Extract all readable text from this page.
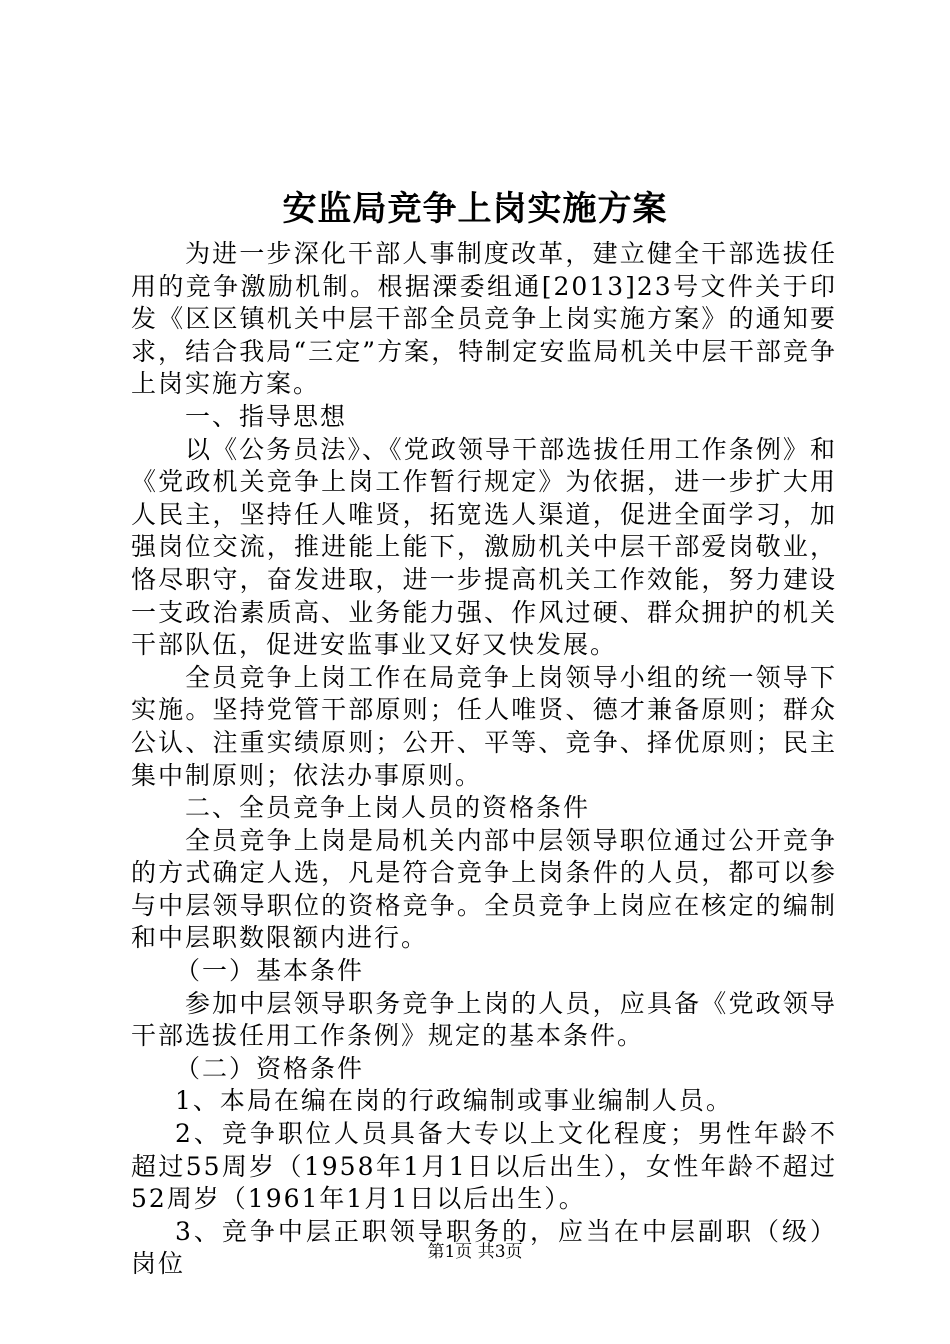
安监局竞争上岗实施方案

为进一步深化干部人事制度改革，建立健全干部选拔任用的竞争激励机制。根据溧委组通[2013]23号文件关于印发《区区镇机关中层干部全员竞争上岗实施方案》的通知要求，结合我局“三定”方案，特制定安监局机关中层干部竞争上岗实施方案。

一、指导思想

以《公务员法》、《党政领导干部选拔任用工作条例》和《党政机关竞争上岗工作暂行规定》为依据，进一步扩大用人民主，坚持任人唯贤，拓宽选人渠道，促进全面学习，加强岗位交流，推进能上能下，激励机关中层干部爱岗敬业，恪尽职守，奋发进取，进一步提高机关工作效能，努力建设一支政治素质高、业务能力强、作风过硬、群众拥护的机关干部队伍，促进安监事业又好又快发展。

全员竞争上岗工作在局竞争上岗领导小组的统一领导下实施。坚持党管干部原则；任人唯贤、德才兼备原则；群众公认、注重实绩原则；公开、平等、竞争、择优原则；民主集中制原则；依法办事原则。

二、全员竞争上岗人员的资格条件

全员竞争上岗是局机关内部中层领导职位通过公开竞争的方式确定人选，凡是符合竞争上岗条件的人员，都可以参与中层领导职位的资格竞争。全员竞争上岗应在核定的编制和中层职数限额内进行。

（一）基本条件

参加中层领导职务竞争上岗的人员，应具备《党政领导干部选拔任用工作条例》规定的基本条件。

（二）资格条件

1、本局在编在岗的行政编制或事业编制人员。

2、竞争职位人员具备大专以上文化程度；男性年龄不超过55周岁（1958年1月1日以后出生），女性年龄不超过52周岁（1961年1月1日以后出生）。

3、竞争中层正职领导职务的，应当在中层副职（级）岗位	第1页 共3页
